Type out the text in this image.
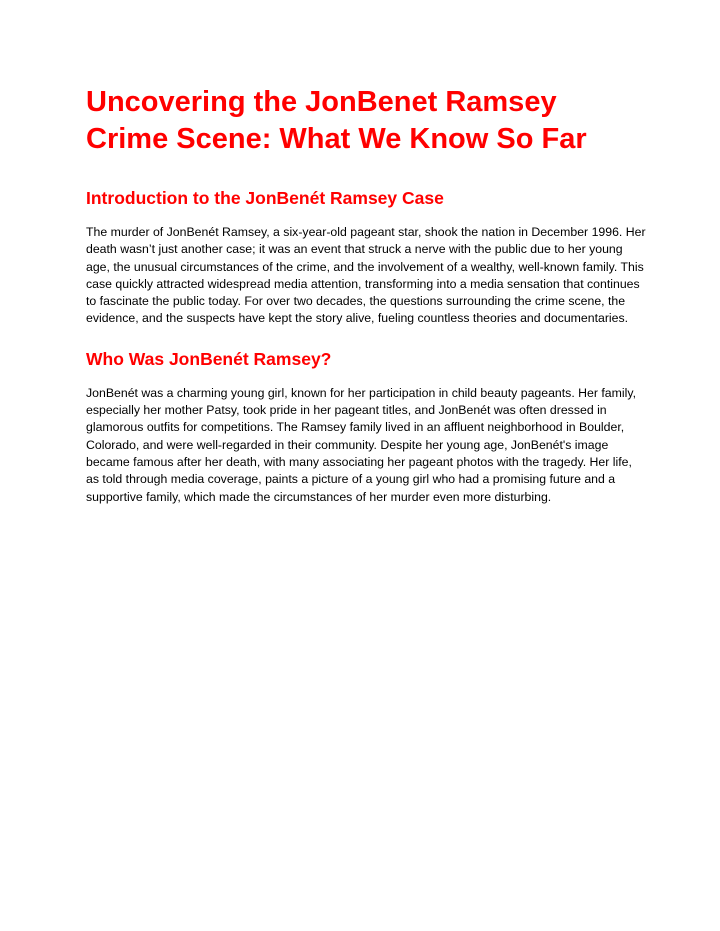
Uncovering the JonBenet Ramsey Crime Scene: What We Know So Far
Introduction to the JonBenét Ramsey Case

The murder of JonBenét Ramsey, a six-year-old pageant star, shook the nation in December 1996. Her death wasn’t just another case; it was an event that struck a nerve with the public due to her young age, the unusual circumstances of the crime, and the involvement of a wealthy, well-known family. This case quickly attracted widespread media attention, transforming into a media sensation that continues to fascinate the public today. For over two decades, the questions surrounding the crime scene, the evidence, and the suspects have kept the story alive, fueling countless theories and documentaries.

Who Was JonBenét Ramsey?

JonBenét was a charming young girl, known for her participation in child beauty pageants. Her family, especially her mother Patsy, took pride in her pageant titles, and JonBenét was often dressed in glamorous outfits for competitions. The Ramsey family lived in an affluent neighborhood in Boulder, Colorado, and were well-regarded in their community. Despite her young age, JonBenét's image became famous after her death, with many associating her pageant photos with the tragedy. Her life, as told through media coverage, paints a picture of a young girl who had a promising future and a supportive family, which made the circumstances of her murder even more disturbing.
